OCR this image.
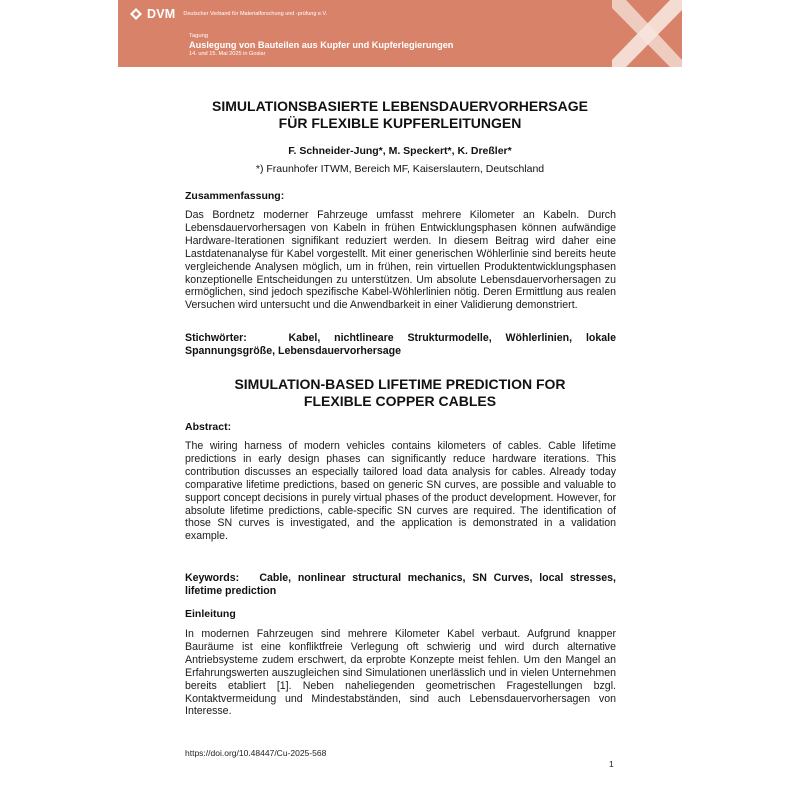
DVM Deutscher Verband für Materialforschung und -prüfung e.V.
Tagung
Auslegung von Bauteilen aus Kupfer und Kupferlegierungen
14. und 15. Mai 2025 in Goslar
SIMULATIONSBASIERTE LEBENSDAUERVORHERSAGE
FÜR FLEXIBLE KUPFERLEITUNGEN
F. Schneider-Jung*, M. Speckert*, K. Dreßler*
*) Fraunhofer ITWM, Bereich MF, Kaiserslautern, Deutschland
Zusammenfassung:
Das Bordnetz moderner Fahrzeuge umfasst mehrere Kilometer an Kabeln. Durch Lebensdauervorhersagen von Kabeln in frühen Entwicklungsphasen können aufwändige Hardware-Iterationen signifikant reduziert werden. In diesem Beitrag wird daher eine Lastdatenanalyse für Kabel vorgestellt. Mit einer generischen Wöhlerlinie sind bereits heute vergleichende Analysen möglich, um in frühen, rein virtuellen Produktentwicklungsphasen konzeptionelle Entscheidungen zu unterstützen. Um absolute Lebensdauervorhersagen zu ermöglichen, sind jedoch spezifische Kabel-Wöhlerlinien nötig. Deren Ermittlung aus realen Versuchen wird untersucht und die Anwendbarkeit in einer Validierung demonstriert.
Stichwörter:	Kabel, nichtlineare Strukturmodelle, Wöhlerlinien, lokale Spannungsgröße, Lebensdauervorhersage
SIMULATION-BASED LIFETIME PREDICTION FOR
FLEXIBLE COPPER CABLES
Abstract:
The wiring harness of modern vehicles contains kilometers of cables. Cable lifetime predictions in early design phases can significantly reduce hardware iterations. This contribution discusses an especially tailored load data analysis for cables. Already today comparative lifetime predictions, based on generic SN curves, are possible and valuable to support concept decisions in purely virtual phases of the product development. However, for absolute lifetime predictions, cable-specific SN curves are required. The identification of those SN curves is investigated, and the application is demonstrated in a validation example.
Keywords: Cable, nonlinear structural mechanics, SN Curves, local stresses, lifetime prediction
Einleitung
In modernen Fahrzeugen sind mehrere Kilometer Kabel verbaut. Aufgrund knapper Bauräume ist eine konfliktfreie Verlegung oft schwierig und wird durch alternative Antriebsysteme zudem erschwert, da erprobte Konzepte meist fehlen. Um den Mangel an Erfahrungswerten auszugleichen sind Simulationen unerlässlich und in vielen Unternehmen bereits etabliert [1]. Neben naheliegenden geometrischen Fragestellungen bzgl. Kontaktvermeidung und Mindestabständen, sind auch Lebensdauervorhersagen von Interesse.
https://doi.org/10.48447/Cu-2025-568
1
